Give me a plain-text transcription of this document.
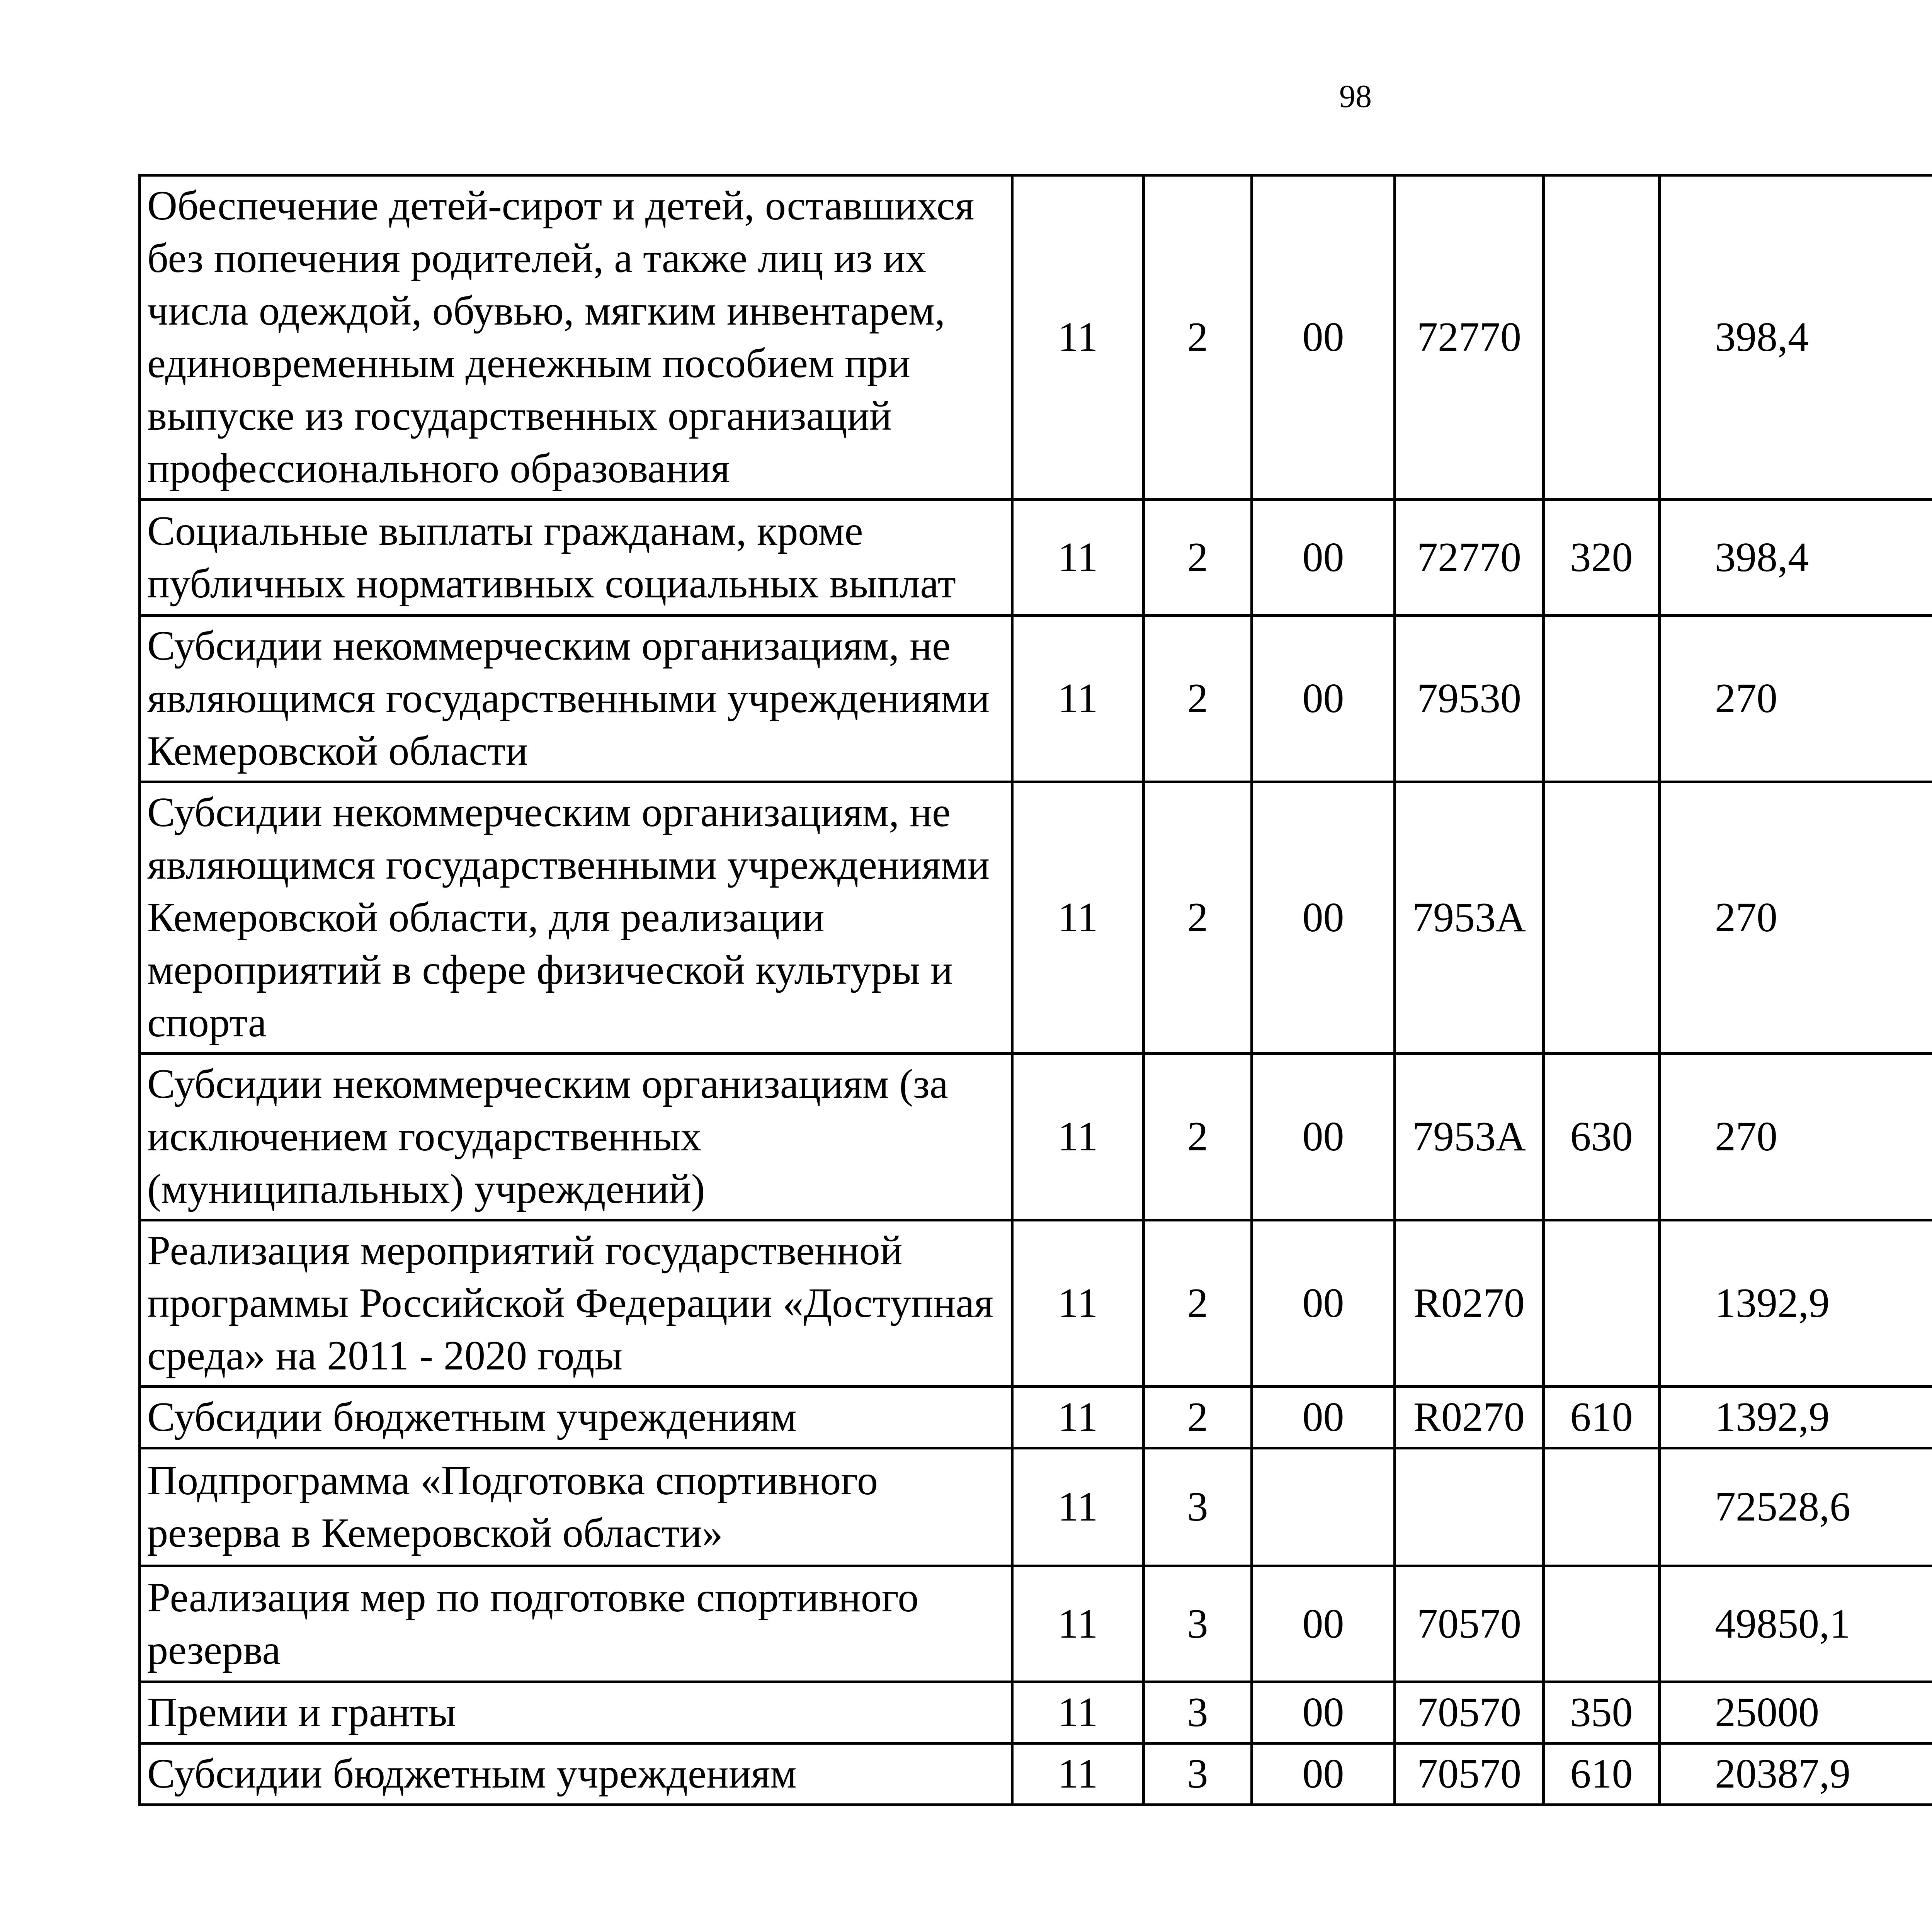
98
Обеспечение детей-сирот и детей, оставшихся без попечения родителей, а также лиц из их числа одеждой, обувью, мягким инвентарем, единовременным денежным пособием при выпуске из государственных организаций профессионального образования	11	2	00	72770		398,4		
Социальные выплаты гражданам, кроме публичных нормативных социальных выплат	11	2	00	72770	320	398,4		
Субсидии некоммерческим организациям, не являющимся государственными учреждениями Кемеровской области	11	2	00	79530		270		
Субсидии некоммерческим организациям, не являющимся государственными учреждениями Кемеровской области, для реализации мероприятий в сфере физической культуры и спорта	11	2	00	7953А		270		
Субсидии некоммерческим организациям (за исключением государственных (муниципальных) учреждений)	11	2	00	7953А	630	270		
Реализация мероприятий государственной программы Российской Федерации «Доступная среда» на 2011 - 2020 годы	11	2	00	R0270		1392,9		
Субсидии бюджетным учреждениям	11	2	00	R0270	610	1392,9		
Подпрограмма «Подготовка спортивного резерва в Кемеровской области»	11	3				72528,6		
Реализация мер по подготовке спортивного резерва	11	3	00	70570		49850,1		
Премии и гранты	11	3	00	70570	350	25000		
Субсидии бюджетным учреждениям	11	3	00	70570	610	20387,9		
